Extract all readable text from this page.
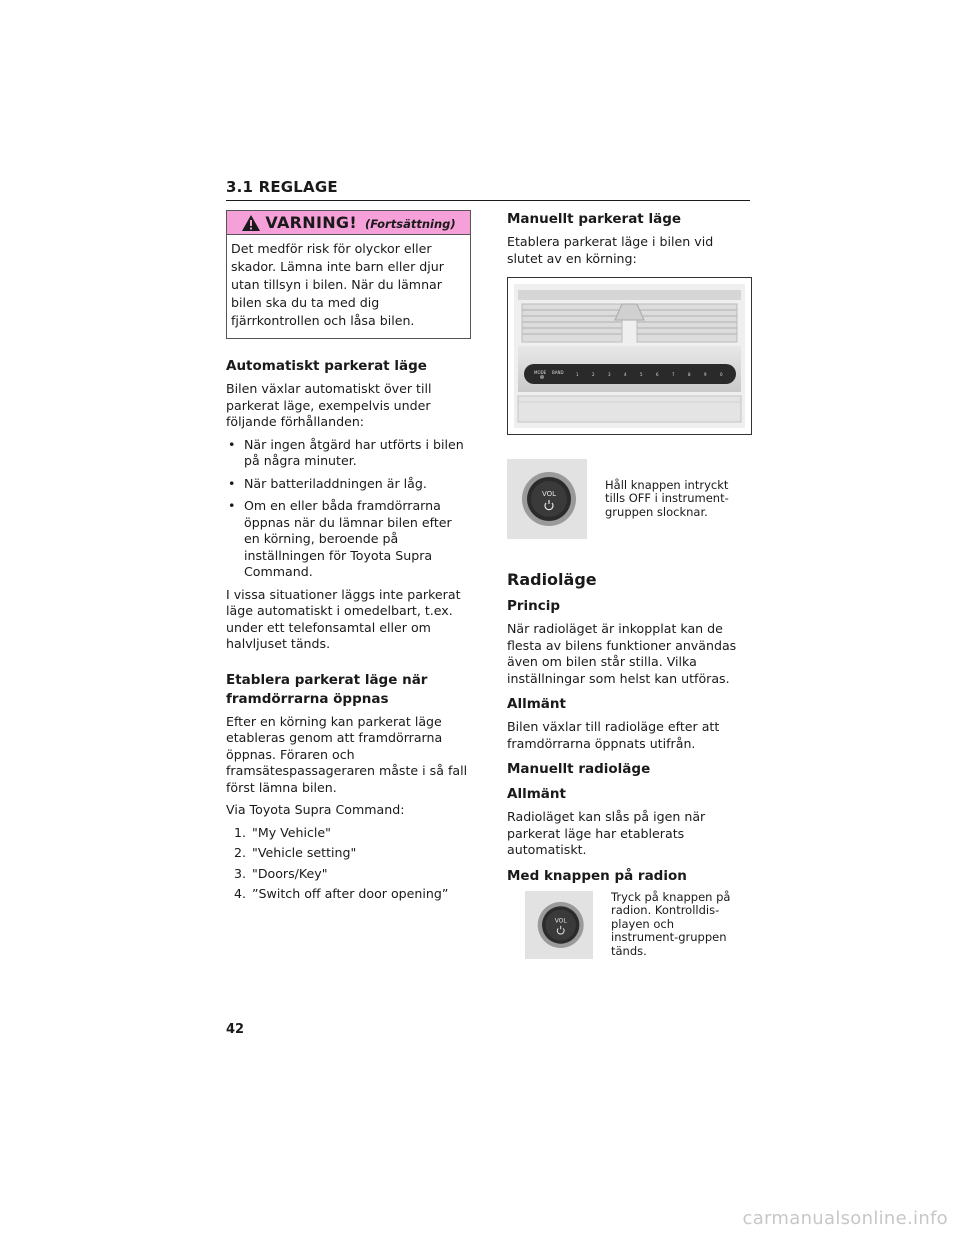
3.1 REGLAGE
VARNING! (Fortsättning)
Det medför risk för olyckor eller skador. Lämna inte barn eller djur utan tillsyn i bilen. När du lämnar bilen ska du ta med dig fjärrkontrollen och låsa bilen.
Automatiskt parkerat läge

Bilen växlar automatiskt över till parkerat läge, exempelvis under följande förhållanden:

• När ingen åtgärd har utförts i bilen på några minuter.
• När batteriladdningen är låg.
• Om en eller båda framdörrarna öppnas när du lämnar bilen efter en körning, beroende på inställningen för Toyota Supra Command.

I vissa situationer läggs inte parkerat läge automatiskt i omedelbart, t.ex. under ett telefonsamtal eller om halvljuset tänds.

Etablera parkerat läge när framdörrarna öppnas

Efter en körning kan parkerat läge etableras genom att framdörrarna öppnas. Föraren och framsätespassageraren måste i så fall först lämna bilen.

Via Toyota Supra Command:

1. "My Vehicle"
2. "Vehicle setting"
3. "Doors/Key"
4. ”Switch off after door opening”
Manuellt parkerat läge

Etablera parkerat läge i bilen vid slutet av en körning:

MODE BAND	1	2	3	4	5	6	7	8	9	0
VOL
Håll knappen intryckt tills OFF i instrument-gruppen slocknar.
Radioläge
Princip

När radioläget är inkopplat kan de flesta av bilens funktioner användas även om bilen står stilla. Vilka inställningar som helst kan utföras.

Allmänt

Bilen växlar till radioläge efter att framdörrarna öppnats utifrån.

Manuellt radioläge
Allmänt

Radioläget kan slås på igen när parkerat läge har etablerats automatiskt.

Med knappen på radion
VOL
Tryck på knappen på radion. Kontrolldis-playen och instrument-gruppen tänds.
42
carmanualsonline.info
